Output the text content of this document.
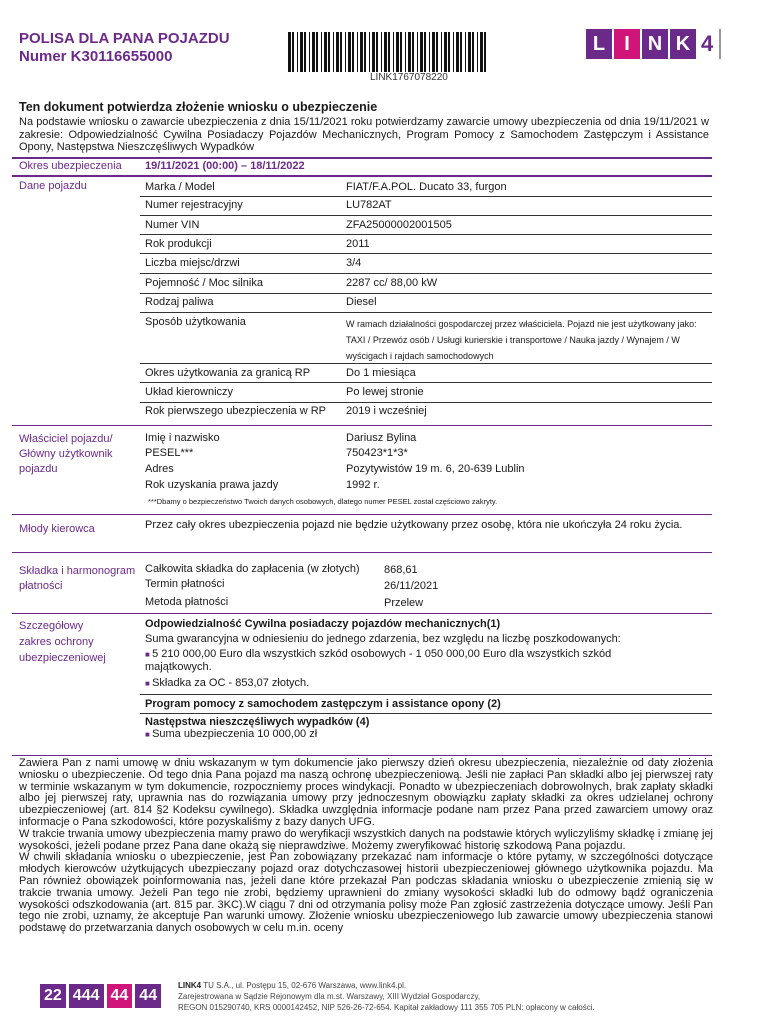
POLISA DLA PANA POJAZDU
Numer K30116655000
LINK1767078220
L I N K 4
Ten dokument potwierdza złożenie wniosku o ubezpieczenie
Na podstawie wniosku o zawarcie ubezpieczenia z dnia 15/11/2021 roku potwierdzamy zawarcie umowy ubezpieczenia od dnia 19/11/2021 w zakresie: Odpowiedzialność Cywilna Posiadaczy Pojazdów Mechanicznych, Program Pomocy z Samochodem Zastępczym i Assistance Opony, Następstwa Nieszczęśliwych Wypadków
Okres ubezpieczenia 19/11/2021 (00:00) – 18/11/2022
Dane pojazdu	Marka / Model	FIAT/F.A.POL. Ducato 33, furgon
Numer rejestracyjny	LU782AT
Numer VIN	ZFA25000002001505
Rok produkcji	2011
Liczba miejsc/drzwi	3/4
Pojemność / Moc silnika	2287 cc/ 88,00 kW
Rodzaj paliwa	Diesel
Sposób użytkowania	W ramach działalności gospodarczej przez właściciela. Pojazd nie jest użytkowany jako: TAXI / Przewóz osób / Usługi kurierskie i transportowe / Nauka jazdy / Wynajem / W wyścigach i rajdach samochodowych
Okres użytkowania za granicą RP	Do 1 miesiąca
Układ kierowniczy	Po lewej stronie
Rok pierwszego ubezpieczenia w RP 2019 i wcześniej
Właściciel pojazdu/
Główny użytkownik
pojazdu
Imię i nazwisko	Dariusz Bylina
PESEL***	750423*1*3*
Adres	Pozytywistów 19 m. 6, 20-639 Lublin
Rok uzyskania prawa jazdy	1992 r.
***Dbamy o bezpieczeństwo Twoich danych osobowych, dlatego numer PESEL został częściowo zakryty.
Młody kierowca	Przez cały okres ubezpieczenia pojazd nie będzie użytkowany przez osobę, która nie ukończyła 24 roku życia.
Składka i harmonogram
płatności
Całkowita składka do zapłacenia (w złotych) 868,61
Termin płatności	26/11/2021
Metoda płatności	Przelew
Szczegółowy
zakres ochrony
ubezpieczeniowej
Odpowiedzialność Cywilna posiadaczy pojazdów mechanicznych(1)
Suma gwarancyjna w odniesieniu do jednego zdarzenia, bez względu na liczbę poszkodowanych:
■ 5 210 000,00 Euro dla wszystkich szkód osobowych - 1 050 000,00 Euro dla wszystkich szkód majątkowych.
■ Składka za OC - 853,07 złotych.
Program pomocy z samochodem zastępczym i assistance opony (2)
Następstwa nieszczęśliwych wypadków (4)
■ Suma ubezpieczenia 10 000,00 zł
Zawiera Pan z nami umowę w dniu wskazanym w tym dokumencie jako pierwszy dzień okresu ubezpieczenia, niezależnie od daty złożenia wniosku o ubezpieczenie. Od tego dnia Pana pojazd ma naszą ochronę ubezpieczeniową. Jeśli nie zapłaci Pan składki albo jej pierwszej raty w terminie wskazanym w tym dokumencie, rozpoczniemy proces windykacji. Ponadto w ubezpieczeniach dobrowolnych, brak zapłaty składki albo jej pierwszej raty, uprawnia nas do rozwiązania umowy przy jednoczesnym obowiązku zapłaty składki za okres udzielanej ochrony ubezpieczeniowej (art. 814 §2 Kodeksu cywilnego). Składka uwzględnia informacje podane nam przez Pana przed zawarciem umowy oraz informacje o Pana szkodowości, które pozyskaliśmy z bazy danych UFG.
W trakcie trwania umowy ubezpieczenia mamy prawo do weryfikacji wszystkich danych na podstawie których wyliczyliśmy składkę i zmianę jej wysokości, jeżeli podane przez Pana dane okażą się nieprawdziwe. Możemy zweryfikować historię szkodową Pana pojazdu.
W chwili składania wniosku o ubezpieczenie, jest Pan zobowiązany przekazać nam informacje o które pytamy, w szczególności dotyczące młodych kierowców użytkujących ubezpieczany pojazd oraz dotychczasowej historii ubezpieczeniowej głównego użytkownika pojazdu. Ma Pan również obowiązek poinformowania nas, jeżeli dane które przekazał Pan podczas składania wniosku o ubezpieczenie zmienią się w trakcie trwania umowy. Jeżeli Pan tego nie zrobi, będziemy uprawnieni do zmiany wysokości składki lub do odmowy bądź ograniczenia wysokości odszkodowania (art. 815 par. 3KC).W ciągu 7 dni od otrzymania polisy może Pan zgłosić zastrzeżenia dotyczące umowy. Jeśli Pan tego nie zrobi, uznamy, że akceptuje Pan warunki umowy. Złożenie wniosku ubezpieczeniowego lub zawarcie umowy ubezpieczenia stanowi podstawę do przetwarzania danych osobowych w celu m.in. oceny
22 444 44 44
LINK4 TU S.A., ul. Postępu 15, 02-676 Warszawa, www.link4.pl.
Zarejestrowana w Sądzie Rejonowym dla m.st. Warszawy, XIII Wydział Gospodarczy,
REGON 015290740, KRS 0000142452, NIP 526-26-72-654. Kapitał zakładowy 111 355 705 PLN: opłacony w całości.
